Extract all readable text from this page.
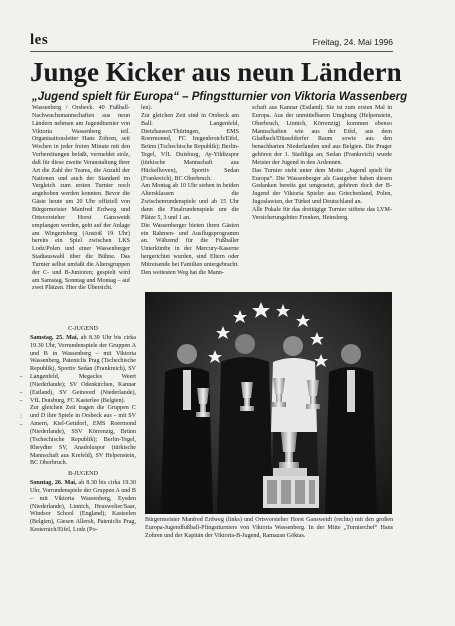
les	Freitag, 24. Mai 1996
Junge Kicker aus neun Ländern
„Jugend spielt für Europa“ – Pfingstturnier von Viktoria Wassenberg

Wassenberg / Orsbeck. 40 Fußball-Nachwuchsmannschaften aus neun Ländern nehmen am Jugendturnier von Viktoria Wassenberg teil. Organisationsleiter Hans Zohren, seit Wochen in jeder freien Minute mit den Vorbereitungen befaßt, vermeldet stolz, daß für diese zweite Veranstaltung ihrer Art die Zahl der Teams, die Anzahl der Nationen und auch der Standard im Vergleich zum ersten Turnier noch angehoben werden konnten. Bevor die Gäste heute um 20 Uhr offiziell von Bürgermeister Manfred Erdweg und Ortsvorsteher Horst Gansweidt empfangen werden, geht auf der Anlage am Wingertsberg (Anstoß 19 Uhr) bereits ein Spiel zwischen LKS Lodz/Polen und einer Wassenberger Stadtauswahl über die Bühne. Das Turnier selbst umfaßt die Altersgruppen der C- und B-Junioren; gespielt wird am Samstag, Sonntag und Montag – auf zwei Plätzen. Hier die Übersicht.

len).
Zur gleichen Zeit sind in Orsbeck am Ball: Langenfeld, Dietzhausen/Thüringen, EMS Roermonnd, FC Imgenbroich/Eifel, Brünn (Tschechische Republik); Berlin-Tegel, VfL Duisburg, Ay-Yildizspor (türkische Mannschaft aus Hückelhoven), Sportiv Sedan (Frankreich), BC Oberbruch.
Am Montag ab 10 Uhr stehen in beiden Altersklassen die Zwischenrundenspiele und ab 15 Uhr dann die Finalrundenspiele um die Plätze 5, 3 und 1 an.
Die Wassenberger bieten ihren Gästen ein Rahmen- und Ausflugsprogramm an. Während für die Fußballer Unterkünfte in der Mercury-Kaserne hergerichtet wurden, sind Eltern oder Mitreisende bei Familien untergebracht.
Den weitesten Weg hat die Mann-

schaft aus Kannar (Estland). Sie ist zum ersten Mal in Europa. Aus der unmittelbaren Umgbung (Helpenstein, Oberbruch, Linnich, Körrenzig) kommen ebenso Mannschaften wie aus der Eifel, aus dem Gladbach/Düsseldorfer Raum sowie aus den benachbarten Niederlanden und aus Belgien. Die Prager gehören der 1. Stadtliga an; Sedan (Frankreich) wurde Meister der Jugend in den Ardennen.
Das Turnier steht unter dem Motto „Jugend spielt für Europa“. Die Wassenberger als Gastgeber haben diesen Gedanken bereits gut umgesetzt, gehören doch der B-Jugend der Viktoria Spieler aus Griechenland, Polen, Jugoslawien, der Türkei und Deutschland an.
Alle Pokale für das dreitägige Turnier stiftete das LVM-Versicherungsbüro Frenken, Heinsberg.

C-JUGEND

Samstag, 25. Mai, ab 8.30 Uhr bis cirka 19.30 Uhr, Vorrundenspiele der Gruppen A und B in Wassenberg – mit Viktoria Wassenberg, Pateniclis Prag (Tschechische Republik), Sportiv Sedan (Frankreich), SV Langenfeld, Megacles Weert (Niederlande); SV Odenkirchen, Kannar (Estland), SV Geinoord (Niederlande), VfL Duisburg, FC Kasterlee (Belgien).

Zur gleichen Zeit tragen die Gruppen C und D ihre Spiele in Orsbeck aus – mit SV Amern, Kiel-Gettdorf, EMS Roermond (Niederlande), SSV Körrenzig, Brünn (Tschechische Republik); Berlin-Tegel, Rheydter SV, Anadoluspor (türkische Mannschaft aus Krefeld), SV Helpenstein, BC Oberbruch.

B-JUGEND

Sonntag, 26. Mai, ab 8.30 bis cirka 19.30 Uhr, Vorrundenspiele der Gruppen A und B – mit Viktoria Wassenberg, Eysden (Niederlande), Linnich, Heuswelier/Saar, Windsor School (England); Kasteelen (Belgien), Giesen Allersh, Pateniclis Prag, Kesternich/Eifel, Lodz (Po-

-

-
-

:
-
Bürgermeister Manfred Erdweg (links) und Ortsvorsteher Horst Gansweidt (rechts) mit den großen Europa-Jugendfußball-Pfingstturniers von Viktoria Wassenberg. In der Mitte „Turnierchef“ Hans Zohren und der Kapitän der Viktoria-B-Jugend, Ramazan Göktas.
